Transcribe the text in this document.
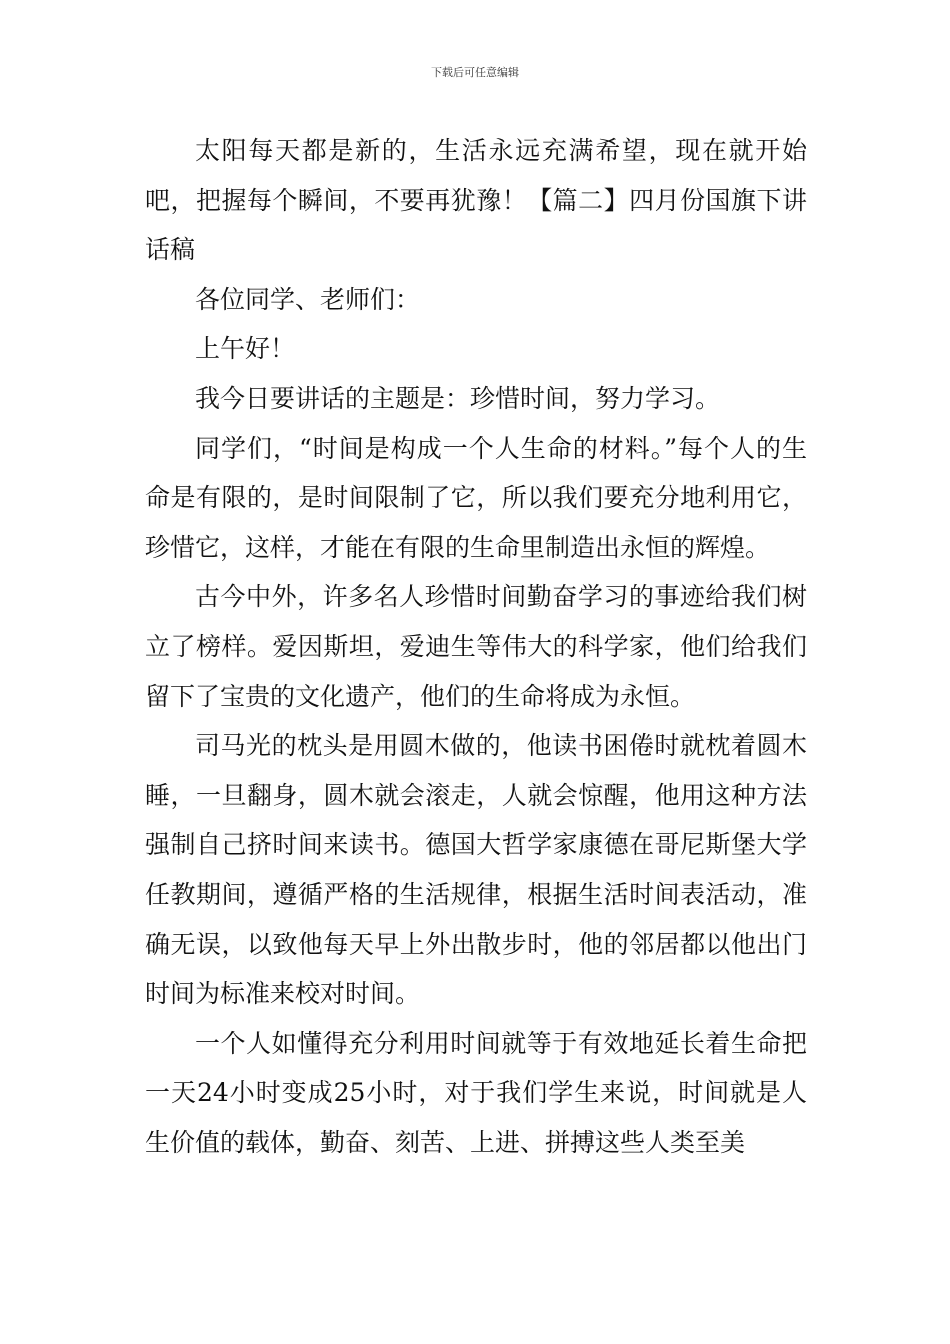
下载后可任意编辑

太阳每天都是新的，生活永远充满希望，现在就开始吧，把握每个瞬间，不要再犹豫！【篇二】四月份国旗下讲话稿

各位同学、老师们：

上午好！

我今日要讲话的主题是：珍惜时间，努力学习。

同学们，“时间是构成一个人生命的材料。”每个人的生命是有限的，是时间限制了它，所以我们要充分地利用它，珍惜它，这样，才能在有限的生命里制造出永恒的辉煌。

古今中外，许多名人珍惜时间勤奋学习的事迹给我们树立了榜样。爱因斯坦，爱迪生等伟大的科学家，他们给我们留下了宝贵的文化遗产，他们的生命将成为永恒。

司马光的枕头是用圆木做的，他读书困倦时就枕着圆木睡，一旦翻身，圆木就会滚走，人就会惊醒，他用这种方法强制自己挤时间来读书。德国大哲学家康德在哥尼斯堡大学任教期间，遵循严格的生活规律，根据生活时间表活动，准确无误，以致他每天早上外出散步时，他的邻居都以他出门时间为标准来校对时间。

一个人如懂得充分利用时间就等于有效地延长着生命把一天24小时变成25小时，对于我们学生来说，时间就是人生价值的载体，勤奋、刻苦、上进、拼搏这些人类至美
